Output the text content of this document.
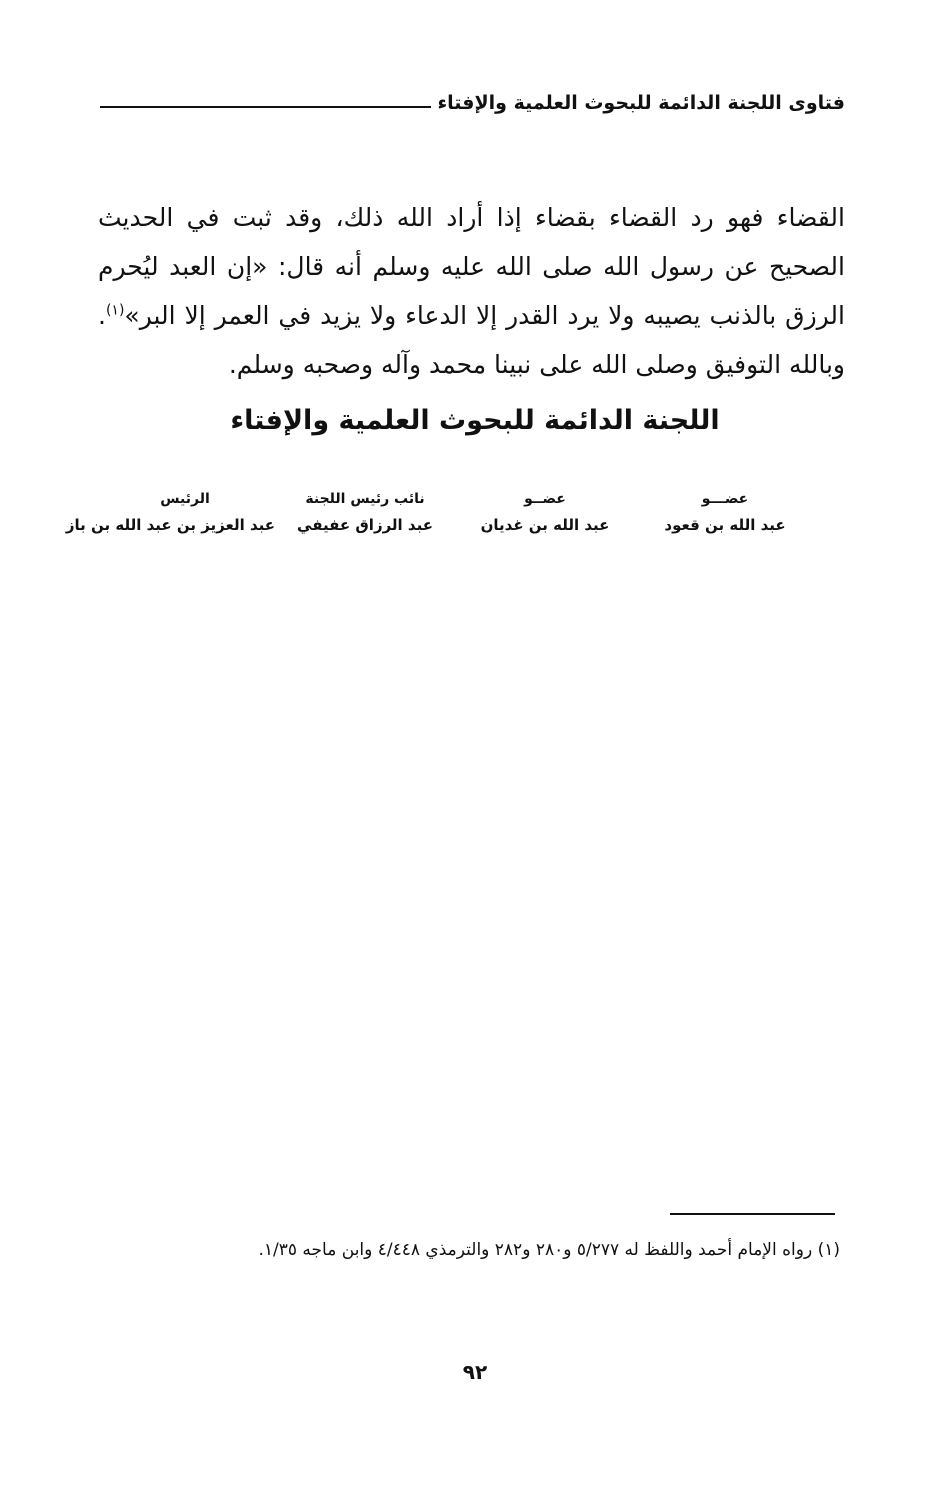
فتاوى اللجنة الدائمة للبحوث العلمية والإفتاء

القضاء فهو رد القضاء بقضاء إذا أراد الله ذلك، وقد ثبت في الحديث الصحيح عن رسول الله صلى الله عليه وسلم أنه قال: «إن العبد ليُحرم الرزق بالذنب يصيبه ولا يرد القدر إلا الدعاء ولا يزيد في العمر إلا البر»$^{(١)}$. وبالله التوفيق وصلى الله على نبينا محمد وآله وصحبه وسلم.

اللجنة الدائمة للبحوث العلمية والإفتاء
عضـــو
عبد الله بن قعود
عضــو
عبد الله بن غديان
نائب رئيس اللجنة
عبد الرزاق عفيفي
الرئيس
عبد العزيز بن عبد الله بن باز
(١) رواه الإمام أحمد واللفظ له ٥/٢٧٧ و٢٨٠ و٢٨٢ والترمذي ٤/٤٤٨ وابن ماجه ١/٣٥.
٩٢
